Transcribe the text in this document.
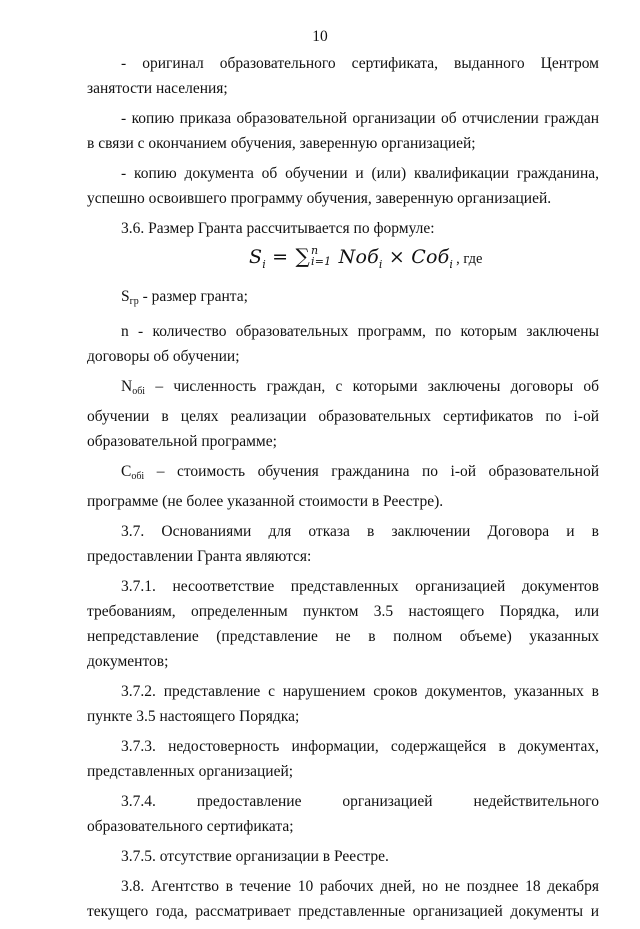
10

- оригинал образовательного сертификата, выданного Центром занятости населения;

- копию приказа образовательной организации об отчислении граждан в связи с окончанием обучения, заверенную организацией;

- копию документа об обучении и (или) квалификации гражданина, успешно освоившего программу обучения, заверенную организацией.

3.6. Размер Гранта рассчитывается по формуле:

$S_i$ = ∑ n
i=1 Nоб$_i$ × Cоб$_i$ , где

Sгр - размер гранта;

n - количество образовательных программ, по которым заключены договоры об обучении;

Nобi – численность граждан, с которыми заключены договоры об обучении в целях реализации образовательных сертификатов по i-ой образовательной программе;

Cобi – стоимость обучения гражданина по i-ой образовательной программе (не более указанной стоимости в Реестре).

3.7. Основаниями для отказа в заключении Договора и в предоставлении Гранта являются:

3.7.1. несоответствие представленных организацией документов требованиям, определенным пунктом 3.5 настоящего Порядка, или непредставление (представление не в полном объеме) указанных документов;

3.7.2. представление с нарушением сроков документов, указанных в пункте 3.5 настоящего Порядка;

3.7.3. недостоверность информации, содержащейся в документах, представленных организацией;

3.7.4. предоставление организацией недействительного образовательного сертификата;

3.7.5. отсутствие организации в Реестре.

3.8. Агентство в течение 10 рабочих дней, но не позднее 18 декабря текущего года, рассматривает представленные организацией документы и
